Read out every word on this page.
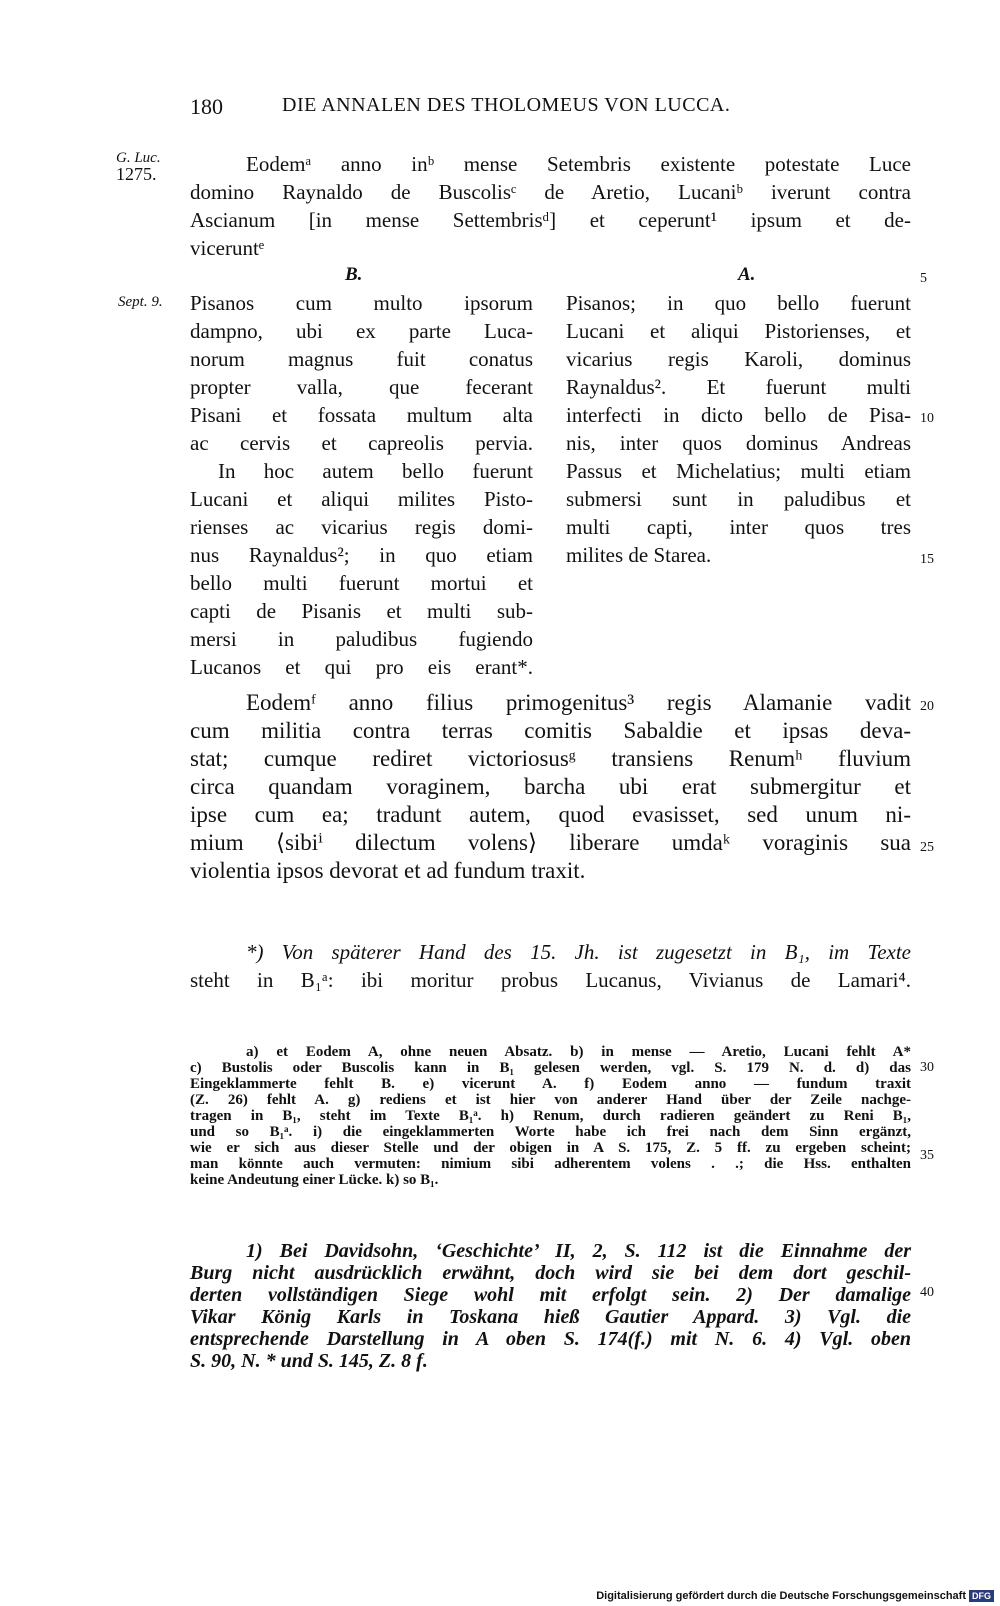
180	DIE ANNALEN DES THOLOMEUS VON LUCCA.
G. Luc.
1275.
Sept. 9.
5
10
15
20
25
30
35
40
Eodemᵃ anno inᵇ mense Setembris existente potestate Luce
domino Raynaldo de Buscolisᶜ de Aretio, Lucaniᵇ iverunt contra
Ascianum [in mense Settembrisᵈ] et ceperunt¹ ipsum et de-
viceruntᵉ
B.	A.
Pisanos cum multo ipsorum
dampno, ubi ex parte Luca-
norum magnus fuit conatus
propter valla, que fecerant
Pisani et fossata multum alta
ac cervis et capreolis pervia.
In hoc autem bello fuerunt
Lucani et aliqui milites Pisto-
rienses ac vicarius regis domi-
nus Raynaldus²; in quo etiam
bello multi fuerunt mortui et
capti de Pisanis et multi sub-
mersi in paludibus fugiendo
Lucanos et qui pro eis erant*.
Pisanos; in quo bello fuerunt
Lucani et aliqui Pistorienses, et
vicarius regis Karoli, dominus
Raynaldus². Et fuerunt multi
interfecti in dicto bello de Pisa-
nis, inter quos dominus Andreas
Passus et Michelatius; multi etiam
submersi sunt in paludibus et
multi capti, inter quos tres
milites de Starea.
Eodemᶠ anno filius primogenitus³ regis Alamanie vadit
cum militia contra terras comitis Sabaldie et ipsas deva-
stat; cumque rediret victoriosusᵍ transiens Renumʰ fluvium
circa quandam voraginem, barcha ubi erat submergitur et
ipse cum ea; tradunt autem, quod evasisset, sed unum ni-
mium ⟨sibiⁱ dilectum volens⟩ liberare umdaᵏ voraginis sua
violentia ipsos devorat et ad fundum traxit.
*) Von späterer Hand des 15. Jh. ist zugesetzt in B₁, im Texte
steht in B₁ᵃ: ibi moritur probus Lucanus, Vivianus de Lamari⁴.
a) et Eodem A, ohne neuen Absatz. b) in mense — Aretio, Lucani fehlt A*
c) Bustolis oder Buscolis kann in B₁ gelesen werden, vgl. S. 179 N. d. d) das
Eingeklammerte fehlt B. e) vicerunt A. f) Eodem anno — fundum traxit
(Z. 26) fehlt A. g) rediens et ist hier von anderer Hand über der Zeile nachge-
tragen in B₁, steht im Texte B₁ᵃ. h) Renum, durch radieren geändert zu Reni B₁,
und so B₁ᵃ. i) die eingeklammerten Worte habe ich frei nach dem Sinn ergänzt,
wie er sich aus dieser Stelle und der obigen in A S. 175, Z. 5 ff. zu ergeben scheint;
man könnte auch vermuten: nimium sibi adherentem volens . .; die Hss. enthalten
keine Andeutung einer Lücke. k) so B₁.
1) Bei Davidsohn, ‘Geschichte’ II, 2, S. 112 ist die Einnahme der
Burg nicht ausdrücklich erwähnt, doch wird sie bei dem dort geschil-
derten vollständigen Siege wohl mit erfolgt sein. 2) Der damalige
Vikar König Karls in Toskana hieß Gautier Appard. 3) Vgl. die
entsprechende Darstellung in A oben S. 174(f.) mit N. 6. 4) Vgl. oben
S. 90, N. * und S. 145, Z. 8 f.
Digitalisierung gefördert durch die Deutsche Forschungsgemeinschaft DFG
